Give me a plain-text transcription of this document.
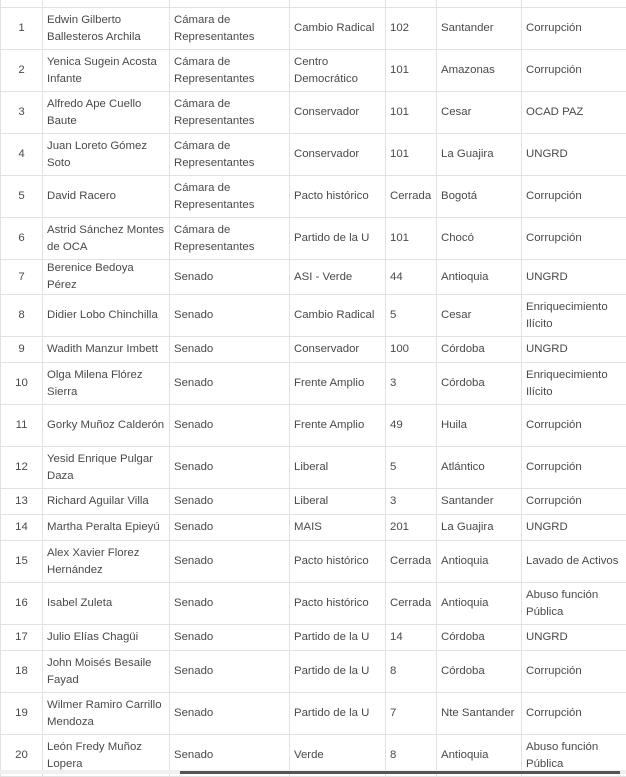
1	Edwin Gilberto Ballesteros Archila	Cámara de Representantes	Cambio Radical	102	Santander	Corrupción
2	Yenica Sugein Acosta Infante	Cámara de Representantes	Centro Democrático	101	Amazonas	Corrupción
3	Alfredo Ape Cuello Baute	Cámara de Representantes	Conservador	101	Cesar	OCAD PAZ
4	Juan Loreto Gómez Soto	Cámara de Representantes	Conservador	101	La Guajira	UNGRD
5	David Racero	Cámara de Representantes	Pacto histórico	Cerrada	Bogotá	Corrupción
6	Astrid Sánchez Montes de OCA	Cámara de Representantes	Partido de la U	101	Chocó	Corrupción
7	Berenice Bedoya Pérez	Senado	ASI - Verde	44	Antioquia	UNGRD
8	Didier Lobo Chinchilla	Senado	Cambio Radical	5	Cesar	Enriquecimiento Ilícito
9	Wadith Manzur Imbett	Senado	Conservador	100	Córdoba	UNGRD
10	Olga Milena Flórez Sierra	Senado	Frente Amplio	3	Córdoba	Enriquecimiento Ilícito
11	Gorky Muñoz Calderón	Senado	Frente Amplio	49	Huila	Corrupción
12	Yesid Enrique Pulgar Daza	Senado	Liberal	5	Atlántico	Corrupción
13	Richard Aguilar Villa	Senado	Liberal	3	Santander	Corrupción
14	Martha Peralta Epieyú	Senado	MAIS	201	La Guajira	UNGRD
15	Alex Xavier Florez Hernández	Senado	Pacto histórico	Cerrada	Antioquia	Lavado de Activos
16	Isabel Zuleta	Senado	Pacto histórico	Cerrada	Antioquia	Abuso función Pública
17	Julio Elías Chagüi	Senado	Partido de la U	14	Córdoba	UNGRD
18	John Moisés Besaile Fayad	Senado	Partido de la U	8	Córdoba	Corrupción
19	Wilmer Ramiro Carrillo Mendoza	Senado	Partido de la U	7	Nte Santander	Corrupción
20	León Fredy Muñoz Lopera	Senado	Verde	8	Antioquia	Abuso función Pública
